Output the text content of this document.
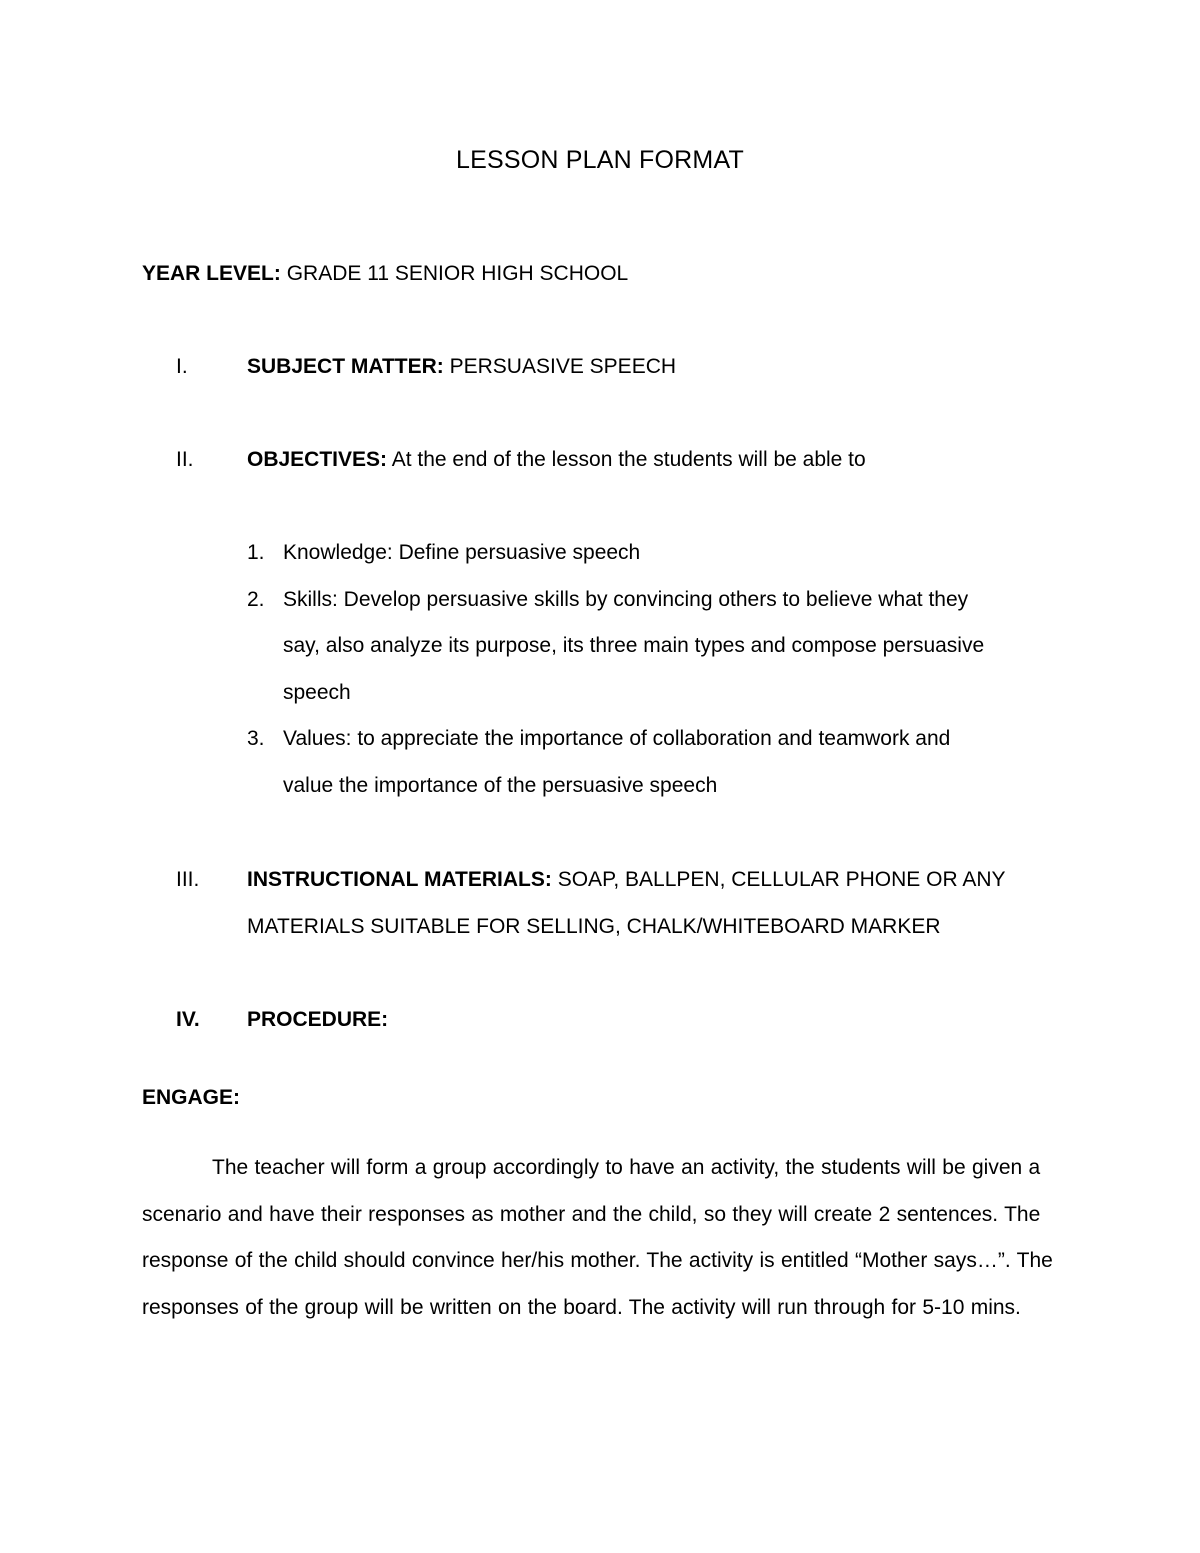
LESSON PLAN FORMAT
YEAR LEVEL: GRADE 11 SENIOR HIGH SCHOOL
I.	SUBJECT MATTER: PERSUASIVE SPEECH
II.	OBJECTIVES: At the end of the lesson the students will be able to
1. Knowledge: Define persuasive speech
2. Skills: Develop persuasive skills by convincing others to believe what they
say, also analyze its purpose, its three main types and compose persuasive
speech
3. Values: to appreciate the importance of collaboration and teamwork and
value the importance of the persuasive speech
III. INSTRUCTIONAL MATERIALS: SOAP, BALLPEN, CELLULAR PHONE OR ANY
MATERIALS SUITABLE FOR SELLING, CHALK/WHITEBOARD MARKER
IV. PROCEDURE:
ENGAGE:
The teacher will form a group accordingly to have an activity, the students will be given a scenario and have their responses as mother and the child, so they will create 2 sentences. The response of the child should convince her/his mother. The activity is entitled “Mother says…”. The responses of the group will be written on the board. The activity will run through for 5-10 mins.
